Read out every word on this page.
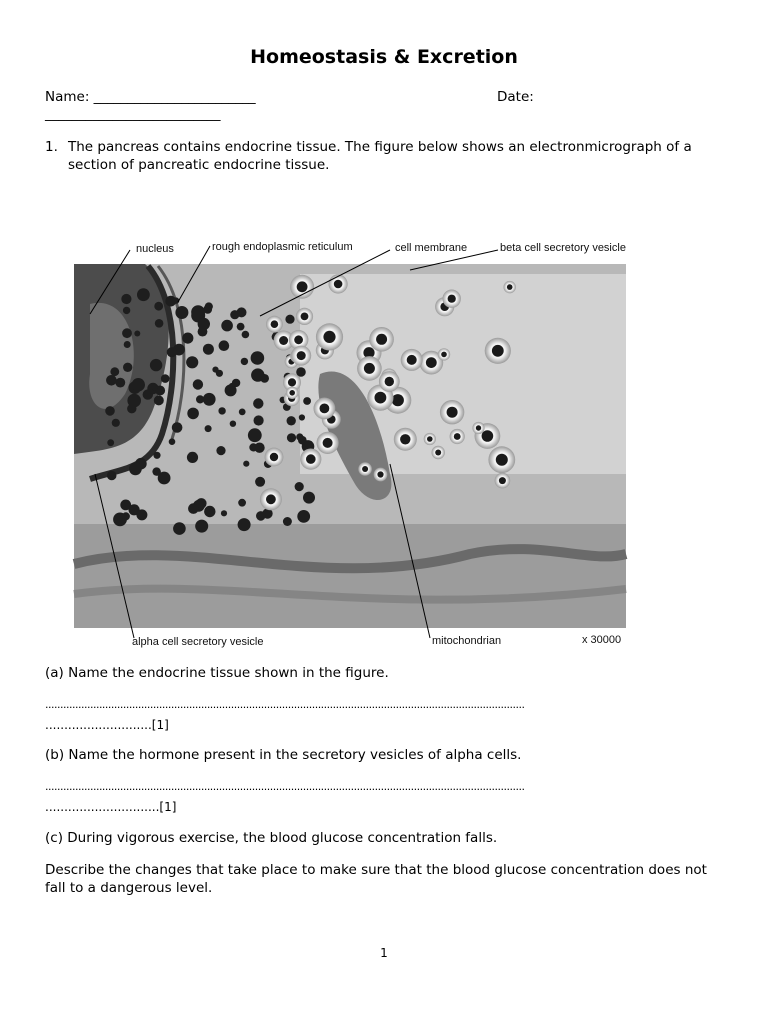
Homeostasis & Excretion
Name: ________________________	Date:
__________________________
1. The pancreas contains endocrine tissue. The figure below shows an electronmicrograph of a
section of pancreatic endocrine tissue.
nucleus	rough endoplasmic reticulum	cell membrane	beta cell secretory vesicle
alpha cell secretory vesicle	mitochondrian	x 30000
(a) Name the endocrine tissue shown in the figure.
................................................................................................................................................................
............................[1]
(b) Name the hormone present in the secretory vesicles of alpha cells.
................................................................................................................................................................
..............................[1]
(c) During vigorous exercise, the blood glucose concentration falls.
Describe the changes that take place to make sure that the blood glucose concentration does not
fall to a dangerous level.
1
